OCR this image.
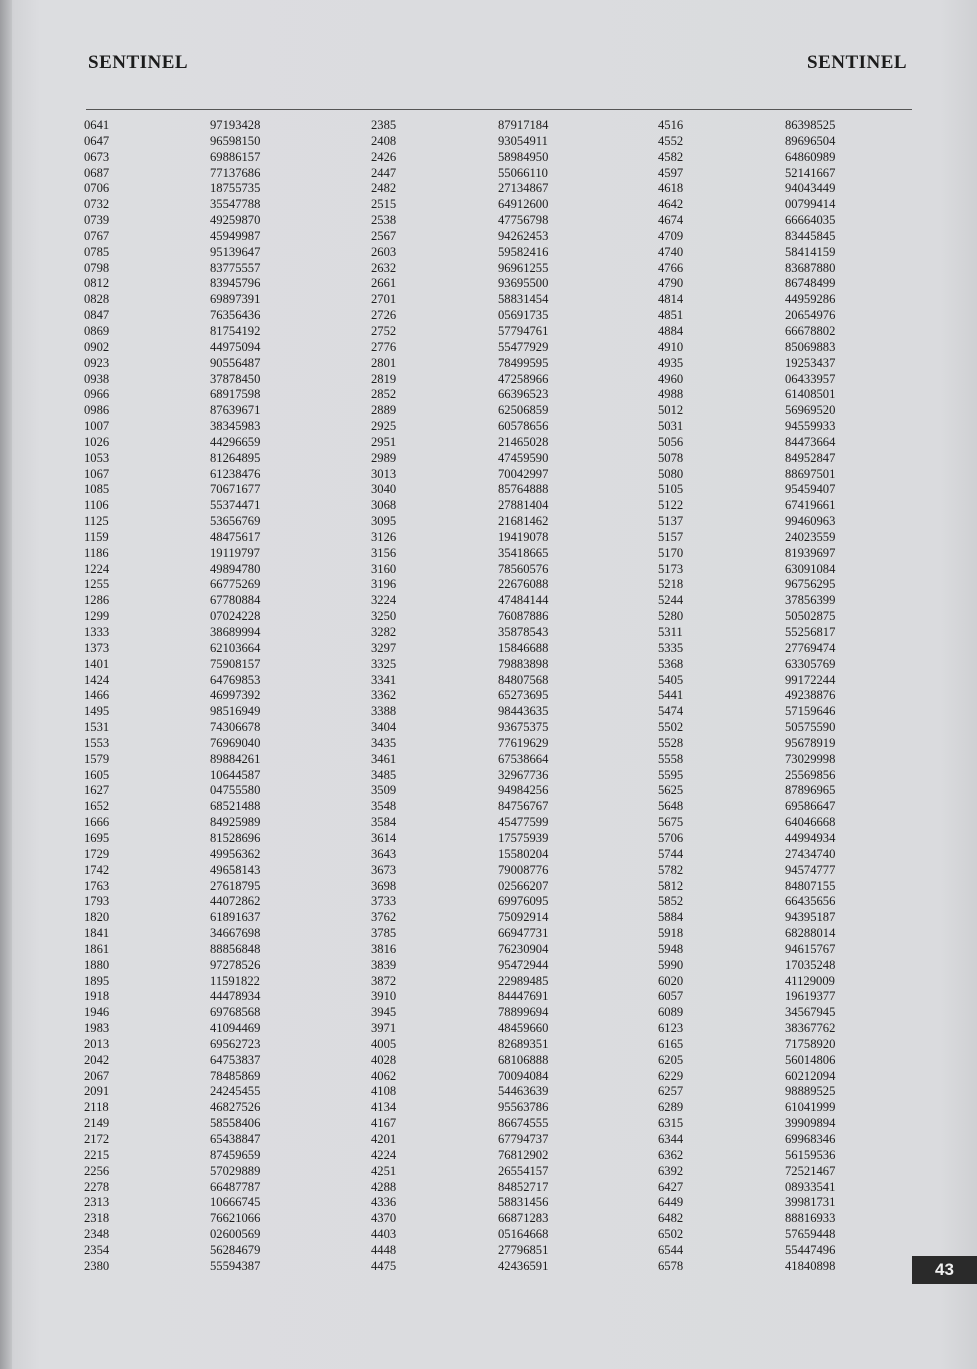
SENTINEL	SENTINEL
0641
0647
0673
0687
0706
0732
0739
0767
0785
0798
0812
0828
0847
0869
0902
0923
0938
0966
0986
1007
1026
1053
1067
1085
1106
1125
1159
1186
1224
1255
1286
1299
1333
1373
1401
1424
1466
1495
1531
1553
1579
1605
1627
1652
1666
1695
1729
1742
1763
1793
1820
1841
1861
1880
1895
1918
1946
1983
2013
2042
2067
2091
2118
2149
2172
2215
2256
2278
2313
2318
2348
2354
2380
97193428
96598150
69886157
77137686
18755735
35547788
49259870
45949987
95139647
83775557
83945796
69897391
76356436
81754192
44975094
90556487
37878450
68917598
87639671
38345983
44296659
81264895
61238476
70671677
55374471
53656769
48475617
19119797
49894780
66775269
67780884
07024228
38689994
62103664
75908157
64769853
46997392
98516949
74306678
76969040
89884261
10644587
04755580
68521488
84925989
81528696
49956362
49658143
27618795
44072862
61891637
34667698
88856848
97278526
11591822
44478934
69768568
41094469
69562723
64753837
78485869
24245455
46827526
58558406
65438847
87459659
57029889
66487787
10666745
76621066
02600569
56284679
55594387
2385
2408
2426
2447
2482
2515
2538
2567
2603
2632
2661
2701
2726
2752
2776
2801
2819
2852
2889
2925
2951
2989
3013
3040
3068
3095
3126
3156
3160
3196
3224
3250
3282
3297
3325
3341
3362
3388
3404
3435
3461
3485
3509
3548
3584
3614
3643
3673
3698
3733
3762
3785
3816
3839
3872
3910
3945
3971
4005
4028
4062
4108
4134
4167
4201
4224
4251
4288
4336
4370
4403
4448
4475
87917184
93054911
58984950
55066110
27134867
64912600
47756798
94262453
59582416
96961255
93695500
58831454
05691735
57794761
55477929
78499595
47258966
66396523
62506859
60578656
21465028
47459590
70042997
85764888
27881404
21681462
19419078
35418665
78560576
22676088
47484144
76087886
35878543
15846688
79883898
84807568
65273695
98443635
93675375
77619629
67538664
32967736
94984256
84756767
45477599
17575939
15580204
79008776
02566207
69976095
75092914
66947731
76230904
95472944
22989485
84447691
78899694
48459660
82689351
68106888
70094084
54463639
95563786
86674555
67794737
76812902
26554157
84852717
58831456
66871283
05164668
27796851
42436591
4516
4552
4582
4597
4618
4642
4674
4709
4740
4766
4790
4814
4851
4884
4910
4935
4960
4988
5012
5031
5056
5078
5080
5105
5122
5137
5157
5170
5173
5218
5244
5280
5311
5335
5368
5405
5441
5474
5502
5528
5558
5595
5625
5648
5675
5706
5744
5782
5812
5852
5884
5918
5948
5990
6020
6057
6089
6123
6165
6205
6229
6257
6289
6315
6344
6362
6392
6427
6449
6482
6502
6544
6578
86398525
89696504
64860989
52141667
94043449
00799414
66664035
83445845
58414159
83687880
86748499
44959286
20654976
66678802
85069883
19253437
06433957
61408501
56969520
94559933
84473664
84952847
88697501
95459407
67419661
99460963
24023559
81939697
63091084
96756295
37856399
50502875
55256817
27769474
63305769
99172244
49238876
57159646
50575590
95678919
73029998
25569856
87896965
69586647
64046668
44994934
27434740
94574777
84807155
66435656
94395187
68288014
94615767
17035248
41129009
19619377
34567945
38367762
71758920
56014806
60212094
98889525
61041999
39909894
69968346
56159536
72521467
08933541
39981731
88816933
57659448
55447496
41840898	43
